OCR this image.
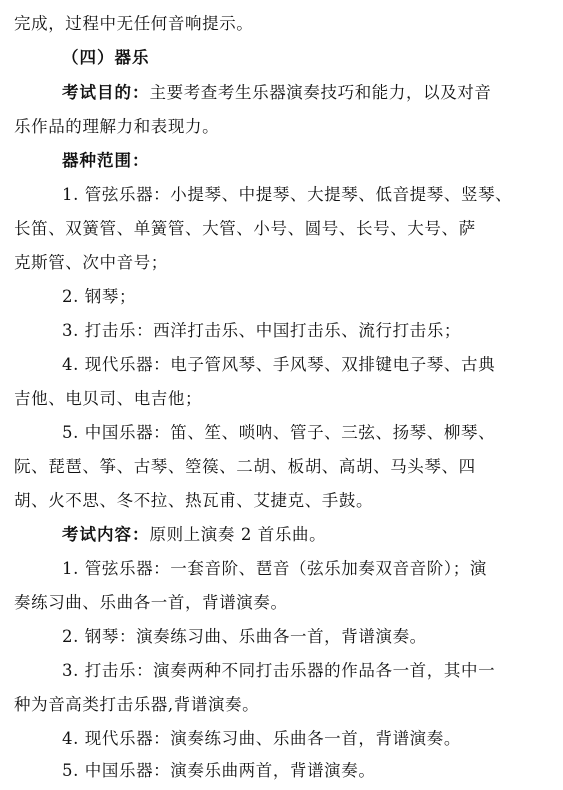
完成，过程中无任何音响提示。
（四）器乐
考试目的：主要考查考生乐器演奏技巧和能力，以及对音
乐作品的理解力和表现力。
器种范围：
1. 管弦乐器：小提琴、中提琴、大提琴、低音提琴、竖琴、
长笛、双簧管、单簧管、大管、小号、圆号、长号、大号、萨
克斯管、次中音号；
2. 钢琴；
3. 打击乐：西洋打击乐、中国打击乐、流行打击乐；
4. 现代乐器：电子管风琴、手风琴、双排键电子琴、古典
吉他、电贝司、电吉他；
5. 中国乐器：笛、笙、唢呐、管子、三弦、扬琴、柳琴、
阮、琵琶、筝、古琴、箜篌、二胡、板胡、高胡、马头琴、四
胡、火不思、冬不拉、热瓦甫、艾捷克、手鼓。
考试内容：原则上演奏 2 首乐曲。
1. 管弦乐器：一套音阶、琶音（弦乐加奏双音音阶）；演
奏练习曲、乐曲各一首，背谱演奏。
2. 钢琴：演奏练习曲、乐曲各一首，背谱演奏。
3. 打击乐：演奏两种不同打击乐器的作品各一首，其中一
种为音高类打击乐器,背谱演奏。
4. 现代乐器：演奏练习曲、乐曲各一首，背谱演奏。
5. 中国乐器：演奏乐曲两首，背谱演奏。
